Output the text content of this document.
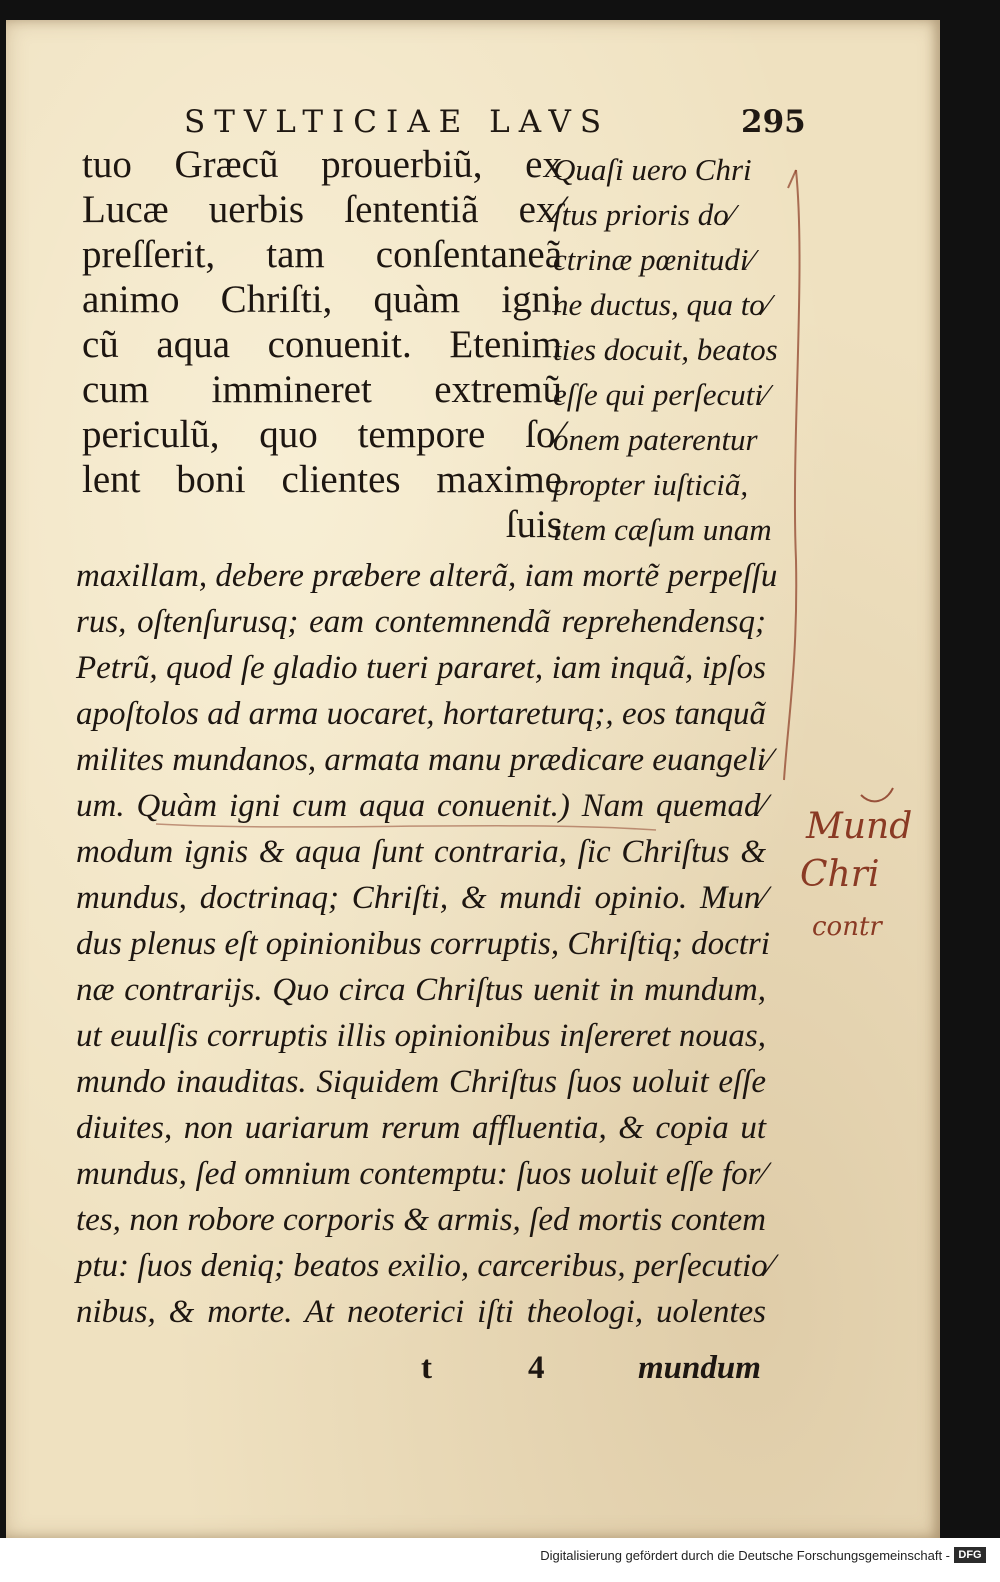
STVLTICIAE LAVS	295
tuo Græcũ prouerbiũ, ex
Lucæ uerbis ſententiã ex⁄
preſſerit, tam conſentaneã
animo Chriſti, quàm igni
cũ aqua conuenit. Etenim
cum immineret extremũ
periculũ, quo tempore ſo⁄
lent boni clientes maxime
ſuis
Quaſi uero Chri
ſtus prioris do⁄
ctrinæ pœnitudi⁄
ne ductus, qua to⁄
ties docuit, beatos
eſſe qui perſecuti⁄
onem paterentur
propter iuſticiã,
item cæſum unam
maxillam, debere præbere alterã, iam mortẽ perpeſſu
rus, oſtenſurusq; eam contemnendã reprehendensq;
Petrũ, quod ſe gladio tueri pararet, iam inquã, ipſos
apoſtolos ad arma uocaret, hortareturq;, eos tanquã
milites mundanos, armata manu prædicare euangeli⁄
um. Quàm igni cum aqua conuenit.) Nam quemad⁄
modum ignis & aqua ſunt contraria, ſic Chriſtus &
mundus, doctrinaq; Chriſti, & mundi opinio. Mun⁄
dus plenus eſt opinionibus corruptis, Chriſtiq; doctri
næ contrarijs. Quo circa Chriſtus uenit in mundum,
ut euulſis corruptis illis opinionibus inſereret nouas,
mundo inauditas. Siquidem Chriſtus ſuos uoluit eſſe
diuites, non uariarum rerum affluentia, & copia ut
mundus, ſed omnium contemptu: ſuos uoluit eſſe for⁄
tes, non robore corporis & armis, ſed mortis contem
ptu: ſuos deniq; beatos exilio, carceribus, perſecutio⁄
nibus, & morte. At neoterici iſti theologi, uolentes
t	4	mundum
Mund
Chri
contr
Digitalisierung gefördert durch die Deutsche Forschungsgemeinschaft - DFG
